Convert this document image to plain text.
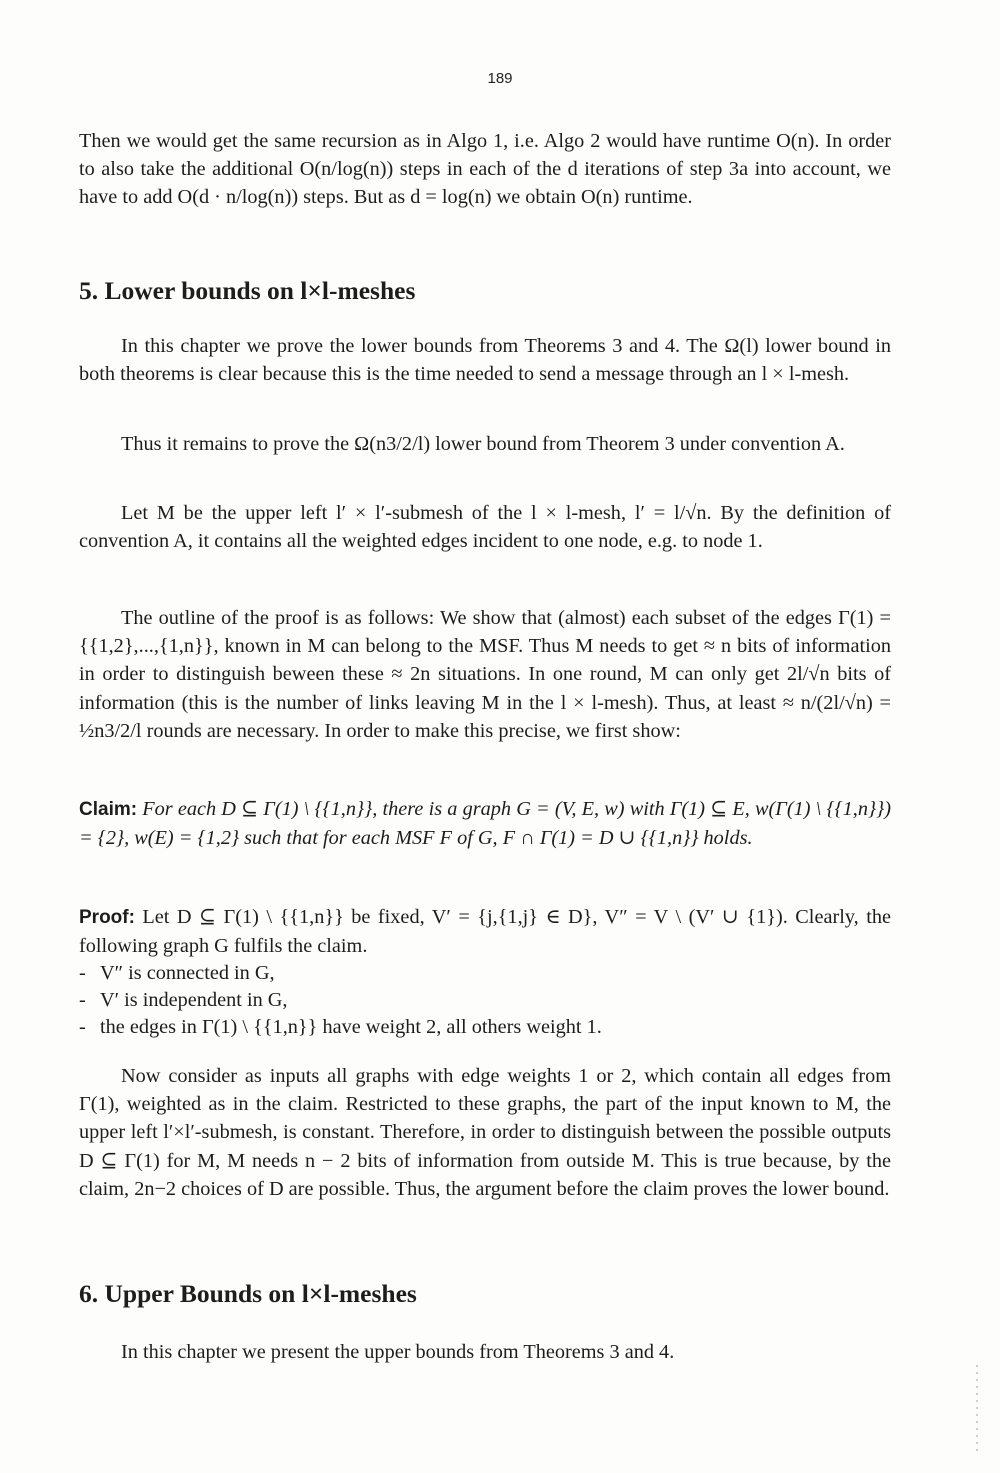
189

Then we would get the same recursion as in Algo 1, i.e. Algo 2 would have runtime O(n). In order to also take the additional O(n/log(n)) steps in each of the d iterations of step 3a into account, we have to add O(d · n/log(n)) steps. But as d = log(n) we obtain O(n) runtime.

5. Lower bounds on l×l-meshes

In this chapter we prove the lower bounds from Theorems 3 and 4. The Ω(l) lower bound in both theorems is clear because this is the time needed to send a message through an l × l-mesh.

Thus it remains to prove the Ω(n3/2/l) lower bound from Theorem 3 under convention A.

Let M be the upper left l′ × l′-submesh of the l × l-mesh, l′ = l/√n. By the definition of convention A, it contains all the weighted edges incident to one node, e.g. to node 1.

The outline of the proof is as follows: We show that (almost) each subset of the edges Γ(1) = {{1,2},...,{1,n}}, known in M can belong to the MSF. Thus M needs to get ≈ n bits of information in order to distinguish beween these ≈ 2n situations. In one round, M can only get 2l/√n bits of information (this is the number of links leaving M in the l × l-mesh). Thus, at least ≈ n/(2l/√n) = ½n3/2/l rounds are necessary. In order to make this precise, we first show:

Claim: For each D ⊆ Γ(1) \ {{1,n}}, there is a graph G = (V, E, w) with Γ(1) ⊆ E, w(Γ(1) \ {{1,n}}) = {2}, w(E) = {1,2} such that for each MSF F of G, F ∩ Γ(1) = D ∪ {{1,n}} holds.

Proof: Let D ⊆ Γ(1) \ {{1,n}} be fixed, V′ = {j,{1,j} ∈ D}, V″ = V \ (V′ ∪ {1}). Clearly, the following graph G fulfils the claim.

- V″ is connected in G,
- V′ is independent in G,
- the edges in Γ(1) \ {{1,n}} have weight 2, all others weight 1.

Now consider as inputs all graphs with edge weights 1 or 2, which contain all edges from Γ(1), weighted as in the claim. Restricted to these graphs, the part of the input known to M, the upper left l′×l′-submesh, is constant. Therefore, in order to distinguish between the possible outputs D ⊆ Γ(1) for M, M needs n − 2 bits of information from outside M. This is true because, by the claim, 2n−2 choices of D are possible. Thus, the argument before the claim proves the lower bound.

6. Upper Bounds on l×l-meshes

In this chapter we present the upper bounds from Theorems 3 and 4.
